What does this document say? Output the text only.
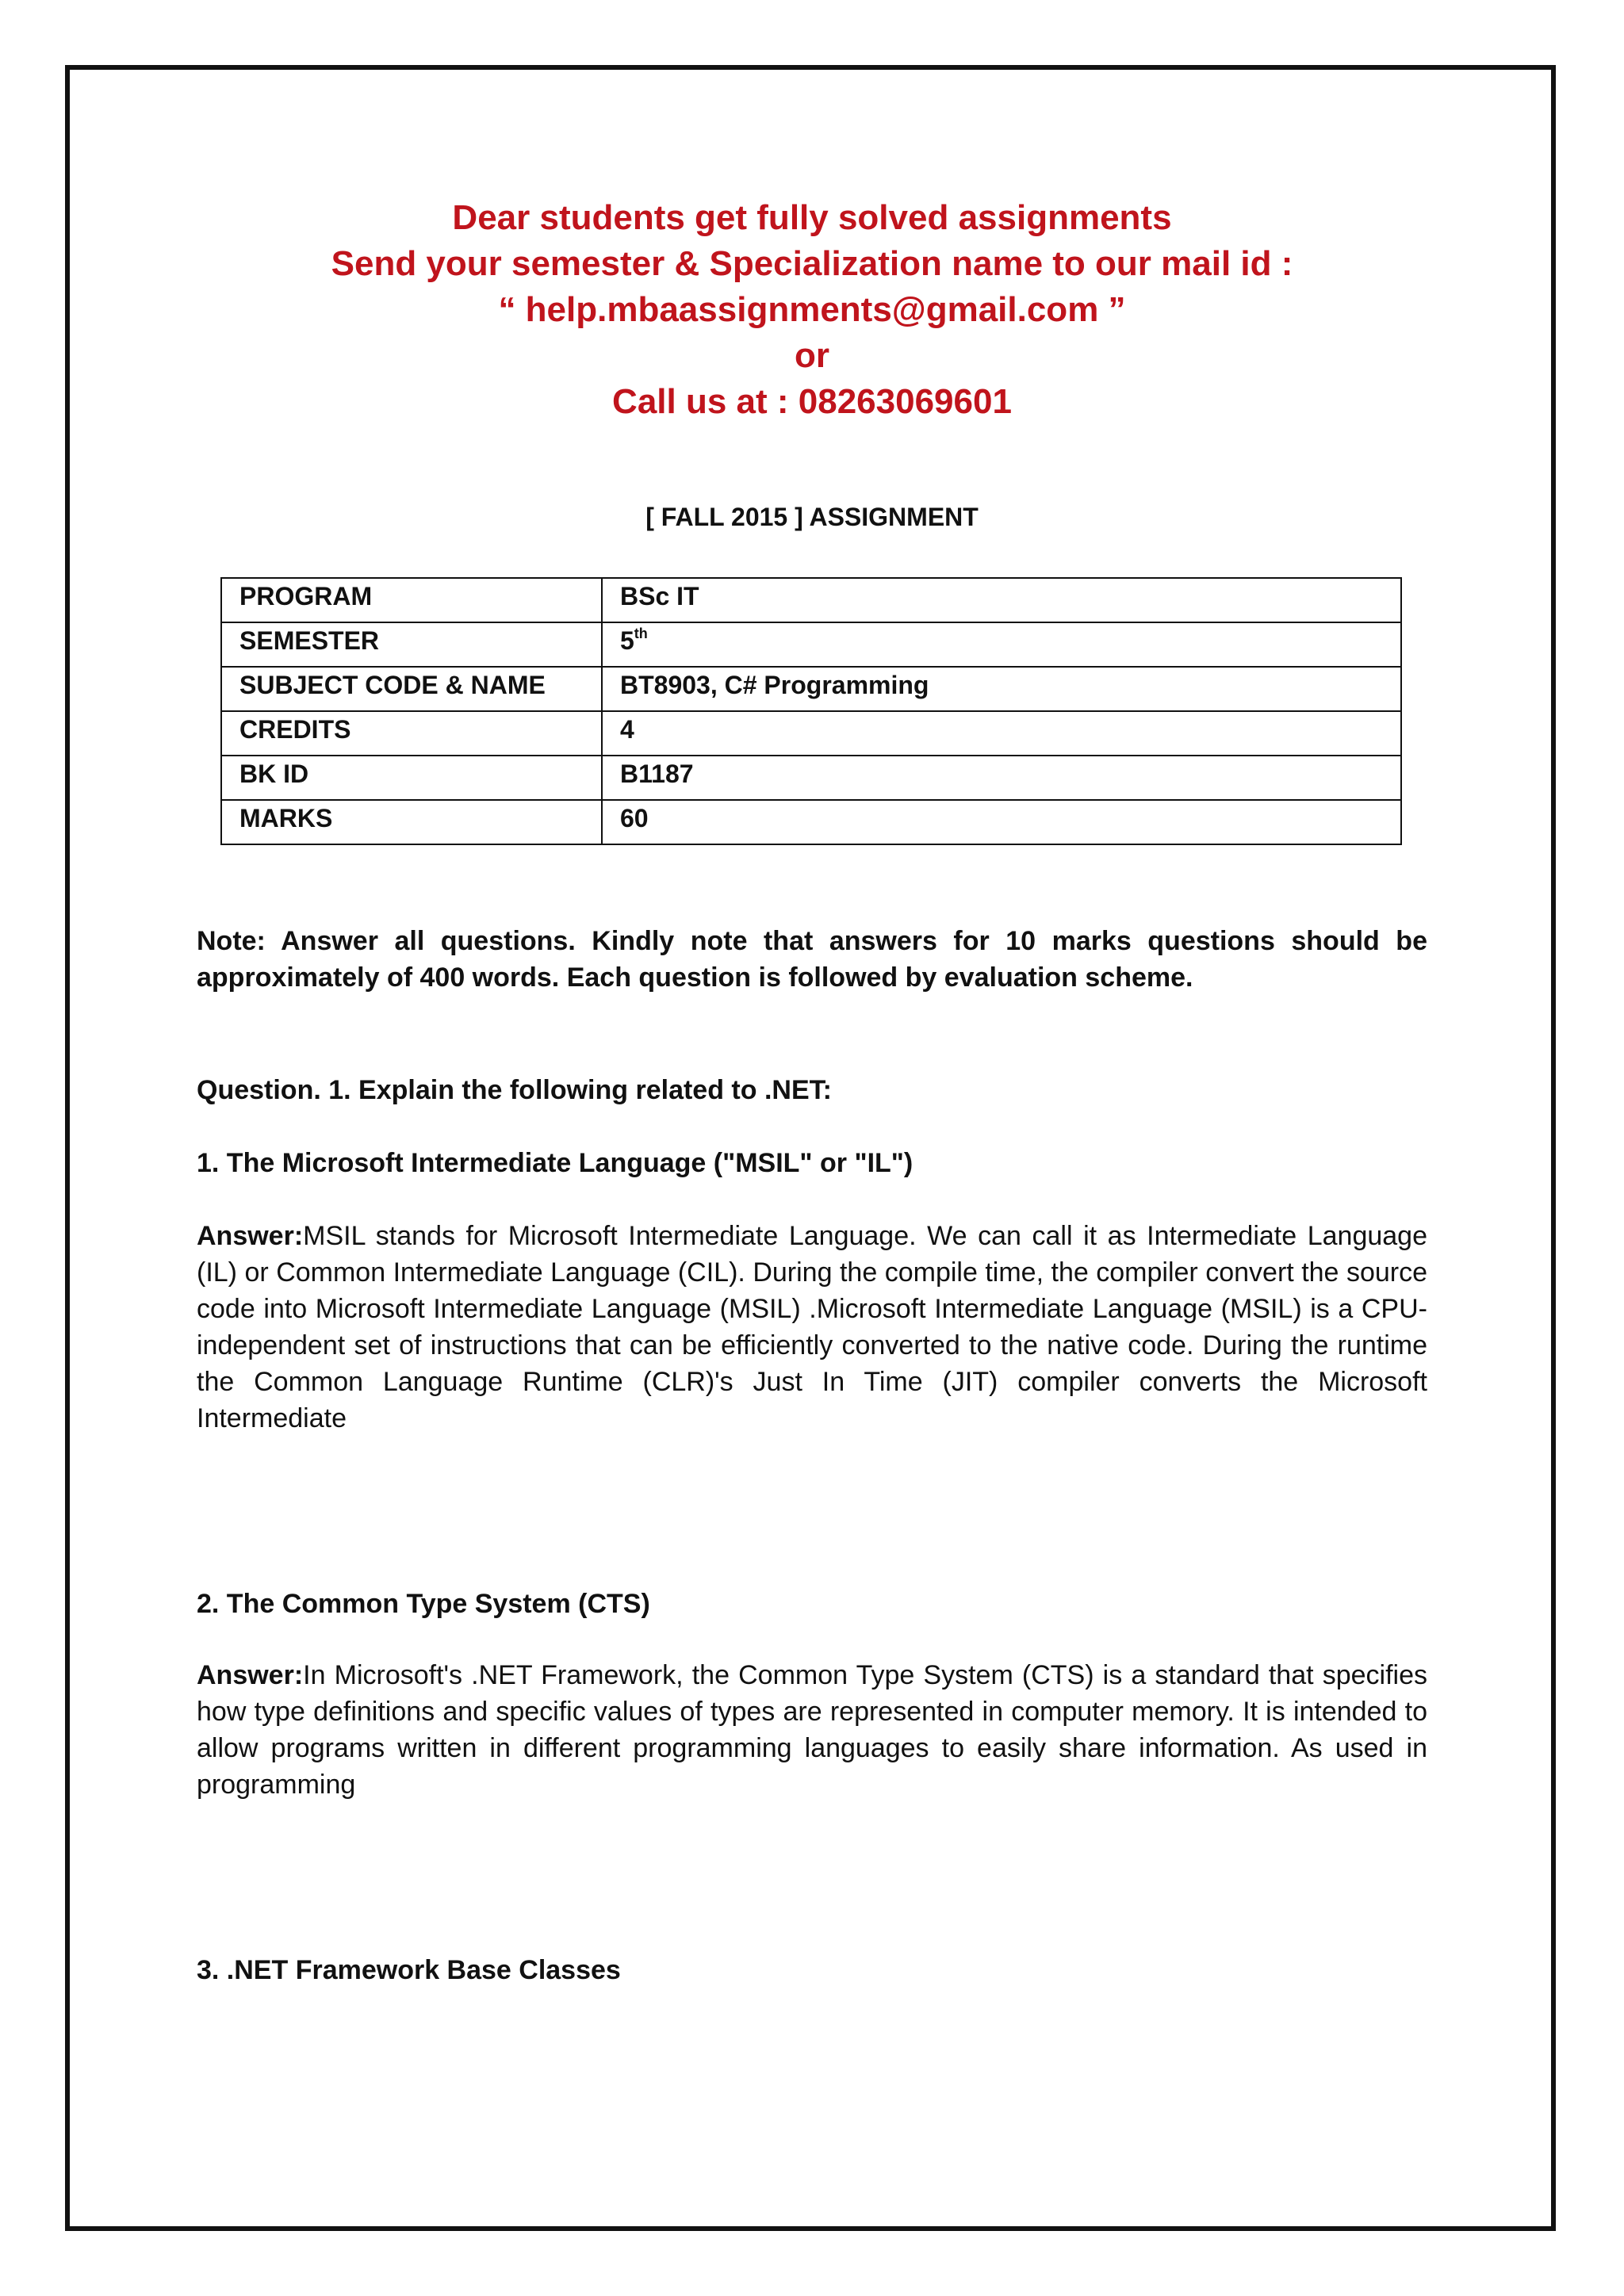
Dear students get fully solved assignments
Send your semester & Specialization name to our mail id :
“ help.mbaassignments@gmail.com ”
or
Call us at : 08263069601
[ FALL 2015 ] ASSIGNMENT
PROGRAM	BSc IT
SEMESTER	5th
SUBJECT CODE & NAME	BT8903, C# Programming
CREDITS	4
BK ID	B1187
MARKS	60
Note: Answer all questions. Kindly note that answers for 10 marks questions should be approximately of 400 words. Each question is followed by evaluation scheme.
Question. 1. Explain the following related to .NET:
1. The Microsoft Intermediate Language ("MSIL" or "IL")
Answer:MSIL stands for Microsoft Intermediate Language. We can call it as Intermediate Language (IL) or Common Intermediate Language (CIL). During the compile time, the compiler convert the source code into Microsoft Intermediate Language (MSIL) .Microsoft Intermediate Language (MSIL) is a CPU-independent set of instructions that can be efficiently converted to the native code. During the runtime the Common Language Runtime (CLR)'s Just In Time (JIT) compiler converts the Microsoft Intermediate
2. The Common Type System (CTS)
Answer:In Microsoft's .NET Framework, the Common Type System (CTS) is a standard that specifies how type definitions and specific values of types are represented in computer memory. It is intended to allow programs written in different programming languages to easily share information. As used in programming
3. .NET Framework Base Classes
